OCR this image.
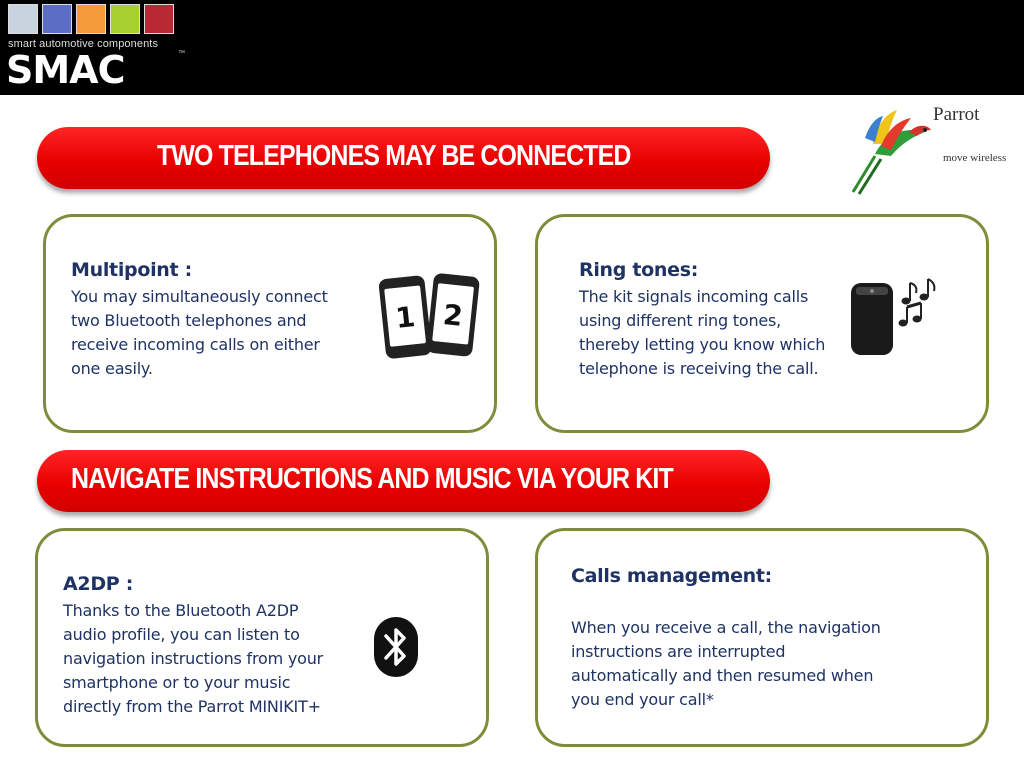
smart automotive components
SMAC	™
Parrot
move wireless
TWO TELEPHONES MAY BE CONNECTED
Multipoint :
You may simultaneously connect
two Bluetooth telephones and
receive incoming calls on either
one easily.
1 2
Ring tones:
The kit signals incoming calls
using different ring tones,
thereby letting you know which
telephone is receiving the call.
NAVIGATE INSTRUCTIONS AND MUSIC VIA YOUR KIT
A2DP :
Thanks to the Bluetooth A2DP
audio profile, you can listen to
navigation instructions from your
smartphone or to your music
directly from the Parrot MINIKIT+
Calls management:
When you receive a call, the navigation
instructions are interrupted
automatically and then resumed when
you end your call*
